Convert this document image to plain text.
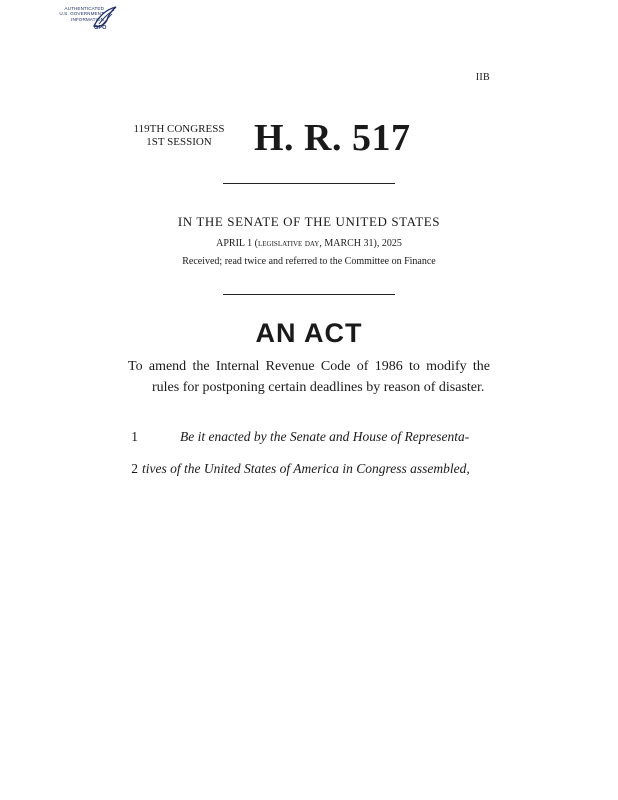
AUTHENTICATED
U.S. GOVERNMENT
INFORMATION
GPO
IIB
119TH CONGRESS
1ST SESSION	H. R. 517
IN THE SENATE OF THE UNITED STATES
APRIL 1 (legislative day, MARCH 31), 2025
Received; read twice and referred to the Committee on Finance
AN ACT
To amend the Internal Revenue Code of 1986 to modify the rules for postponing certain deadlines by reason of disaster.
1	Be it enacted by the Senate and House of Representa-
2 tives of the United States of America in Congress assembled,
